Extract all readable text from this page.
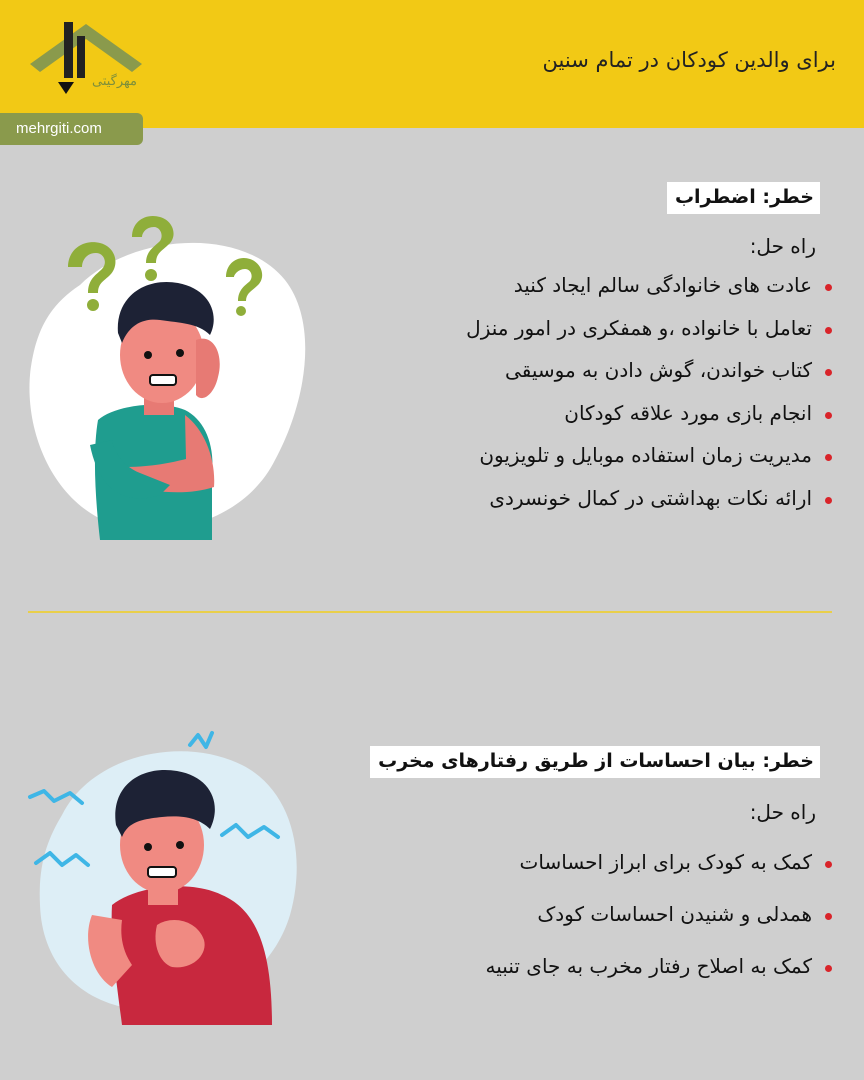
مهرگیتی
برای والدین کودکان در تمام سنین
mehrgiti.com
خطر: اضطراب
راه حل:
عادت های خانوادگی سالم ایجاد کنید
تعامل با خانواده ،و همفکری در امور منزل
کتاب خواندن، گوش دادن به موسیقی
انجام بازی مورد علاقه کودکان
مدیریت زمان استفاده موبایل و تلویزیون
ارائه نکات بهداشتی در کمال خونسردی
خطر: بیان احساسات از طریق رفتارهای مخرب
راه حل:
کمک به کودک برای ابراز احساسات
همدلی و شنیدن احساسات کودک
کمک به اصلاح رفتار مخرب به جای تنبیه
